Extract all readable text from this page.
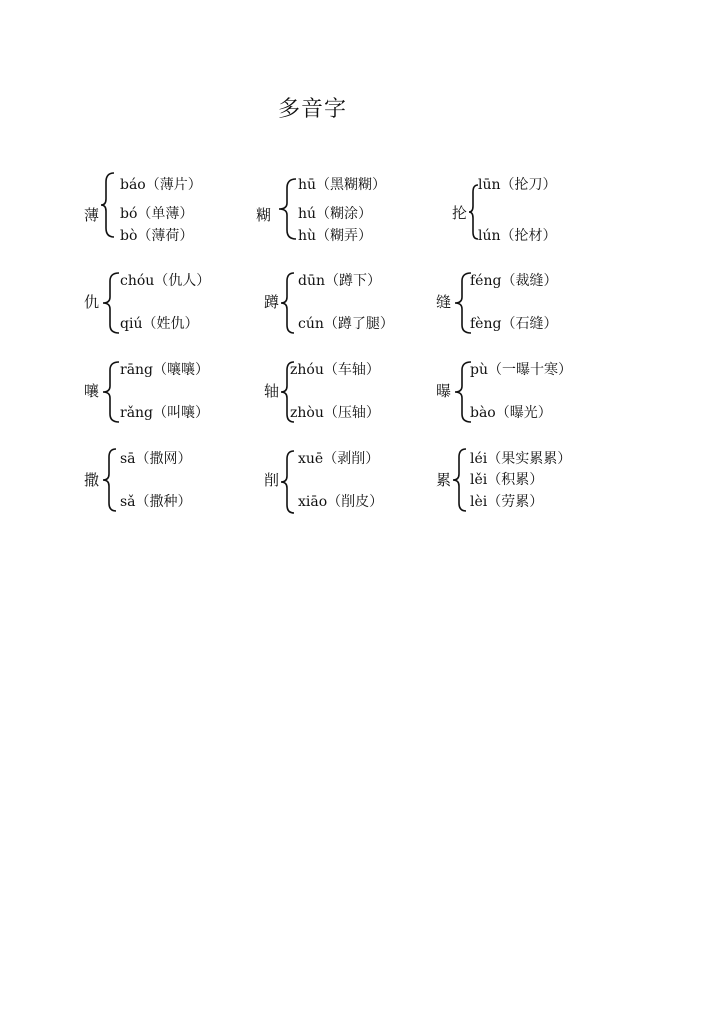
多音字
薄
báo（薄片）
bó（单薄）
bò（薄荷）
糊
hū（黑糊糊）
hú（糊涂）
hù（糊弄）
抡
lūn（抡刀）
lún（抡材）
仇
chóu（仇人）
qiú（姓仇）
蹲
dūn（蹲下）
cún（蹲了腿）
缝
féng（裁缝）
fèng（石缝）
嚷
rāng（嚷嚷）
rǎng（叫嚷）
轴
zhóu（车轴）
zhòu（压轴）
曝
pù（一曝十寒）
bào（曝光）
撒
sā（撒网）
sǎ（撒种）
削
xuē（剥削）
xiāo（削皮）
累
léi（果实累累）
lěi（积累）
lèi（劳累）
